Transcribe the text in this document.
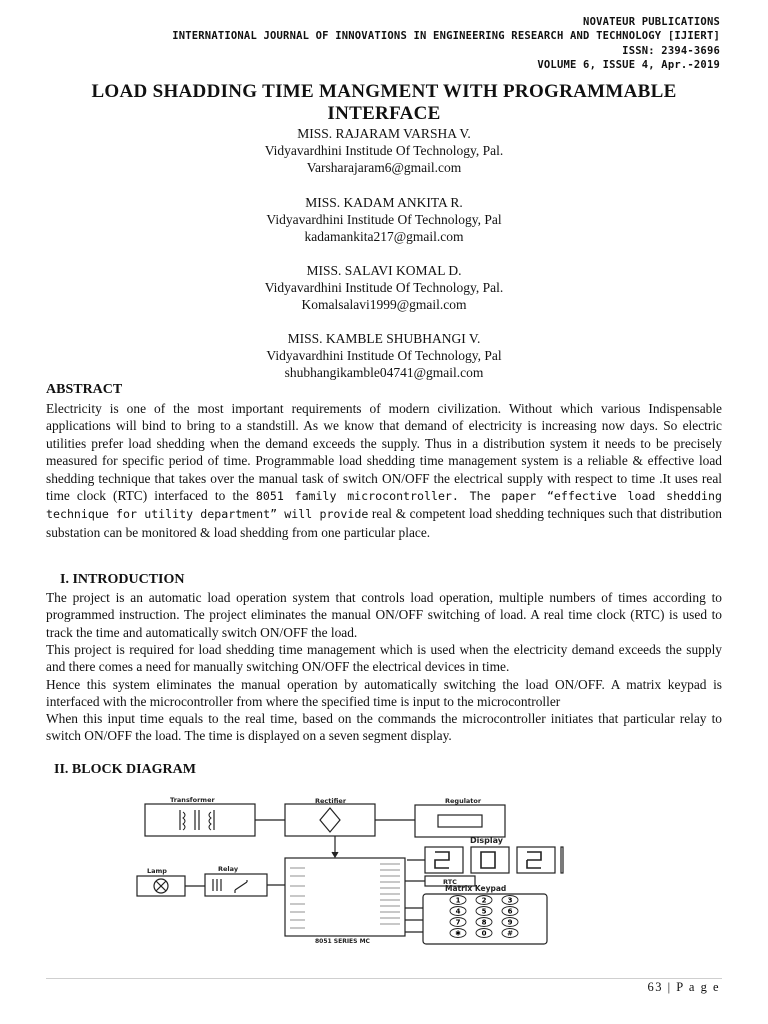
NOVATEUR PUBLICATIONS
INTERNATIONAL JOURNAL OF INNOVATIONS IN ENGINEERING RESEARCH AND TECHNOLOGY [IJIERT]
ISSN: 2394-3696
VOLUME 6, ISSUE 4, Apr.-2019
LOAD SHADDING TIME MANGMENT WITH PROGRAMMABLE
INTERFACE
MISS. RAJARAM VARSHA V.
Vidyavardhini Institude Of Technology, Pal.
Varsharajaram6@gmail.com
MISS. KADAM ANKITA R.
Vidyavardhini Institude Of Technology, Pal
kadamankita217@gmail.com
MISS. SALAVI KOMAL D.
Vidyavardhini Institude Of Technology, Pal.
Komalsalavi1999@gmail.com
MISS. KAMBLE SHUBHANGI V.
Vidyavardhini Institude Of Technology, Pal
shubhangikamble04741@gmail.com
ABSTRACT

Electricity is one of the most important requirements of modern civilization. Without which various Indispensable applications will bind to bring to a standstill. As we know that demand of electricity is increasing now days. So electric utilities prefer load shedding when the demand exceeds the supply. Thus in a distribution system it needs to be precisely measured for specific period of time. Programmable load shedding time management system is a reliable & effective load shedding technique that takes over the manual task of switch ON/OFF the electrical supply with respect to time .It uses real time clock (RTC) interfaced to the 8051 family microcontroller. The paper “effective load shedding technique for utility department” will provide real & competent load shedding techniques such that distribution substation can be monitored & load shedding from one particular place.

I. INTRODUCTION

The project is an automatic load operation system that controls load operation, multiple numbers of times according to programmed instruction. The project eliminates the manual ON/OFF switching of load. A real time clock (RTC) is used to track the time and automatically switch ON/OFF the load.

This project is required for load shedding time management which is used when the electricity demand exceeds the supply and there comes a need for manually switching ON/OFF the electrical devices in time.

Hence this system eliminates the manual operation by automatically switching the load ON/OFF. A matrix keypad is interfaced with the microcontroller from where the specified time is input to the microcontroller

When this input time equals to the real time, based on the commands the microcontroller initiates that particular relay to switch ON/OFF the load. The time is displayed on a seven segment display.

II. BLOCK DIAGRAM
Transformer	Rectifier	Regulator
Display
Lamp	Relay
RTC
Matrix Keypad
8051 SERIES MC
1	2	3
4	5	6
7	8	9
✱	0	#
63 | P a g e
